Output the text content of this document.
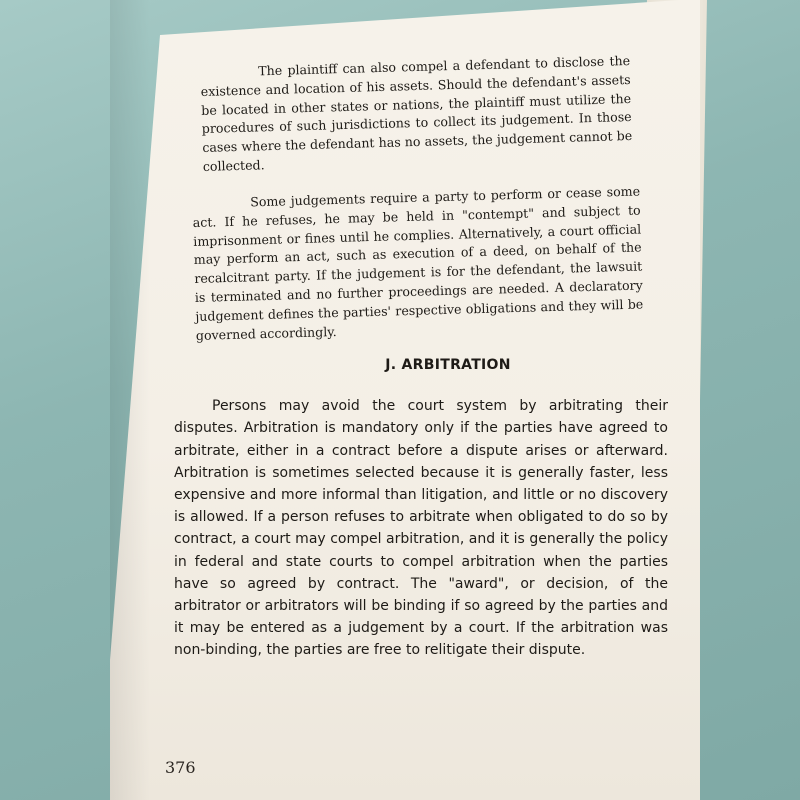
The plaintiff can also compel a defendant to disclose the existence and location of his assets. Should the defendant's assets be located in other states or nations, the plaintiff must utilize the procedures of such jurisdictions to collect its judgement. In those cases where the defendant has no assets, the judgement cannot be collected.

Some judgements require a party to perform or cease some act. If he refuses, he may be held in "contempt" and subject to imprisonment or fines until he complies. Alternatively, a court official may perform an act, such as execution of a deed, on behalf of the recalcitrant party. If the judgement is for the defendant, the lawsuit is terminated and no further proceedings are needed. A declaratory judgement defines the parties' respective obligations and they will be governed accordingly.

J. ARBITRATION

Persons may avoid the court system by arbitrating their disputes. Arbitration is mandatory only if the parties have agreed to arbitrate, either in a contract before a dispute arises or afterward. Arbitration is sometimes selected because it is generally faster, less expensive and more informal than litigation, and little or no discovery is allowed. If a person refuses to arbitrate when obligated to do so by contract, a court may compel arbitration, and it is generally the policy in federal and state courts to compel arbitration when the parties have so agreed by contract. The "award", or decision, of the arbitrator or arbitrators will be binding if so agreed by the parties and it may be entered as a judgement by a court. If the arbitration was non-binding, the parties are free to relitigate their dispute.

376
